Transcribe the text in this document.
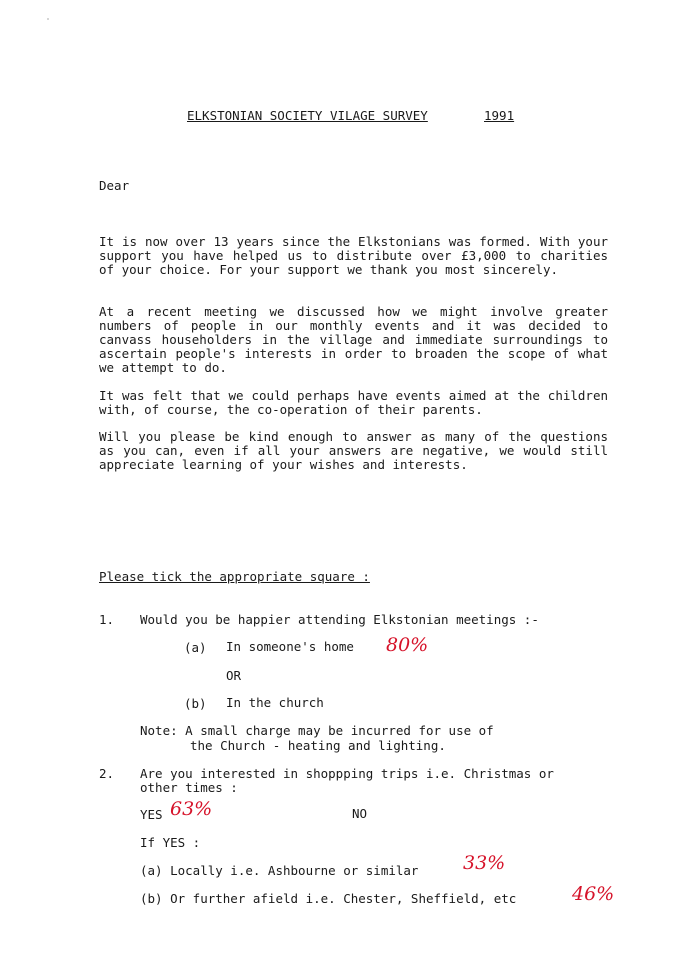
ELKSTONIAN SOCIETY VILAGE SURVEY	1991
Dear
It is now over 13 years since the Elkstonians was formed. With your support you have helped us to distribute over £3,000 to charities of your choice. For your support we thank you most sincerely.
At a recent meeting we discussed how we might involve greater numbers of people in our monthly events and it was decided to canvass householders in the village and immediate surroundings to ascertain people's interests in order to broaden the scope of what we attempt to do.
It was felt that we could perhaps have events aimed at the children with, of course, the co-operation of their parents.
Will you please be kind enough to answer as many of the questions as you can, even if all your answers are negative, we would still appreciate learning of your wishes and interests.
Please tick the appropriate square :
1. Would you be happier attending Elkstonian meetings :-
(a) In someone's home 80%
OR
(b) In the church
Note: A small charge may be incurred for use of
the Church - heating and lighting.
2. Are you interested in shoppping trips i.e. Christmas or
other times :
YES 63%	NO
If YES :
(a) Locally i.e. Ashbourne or similar 33%
(b) Or further afield i.e. Chester, Sheffield, etc	46%
